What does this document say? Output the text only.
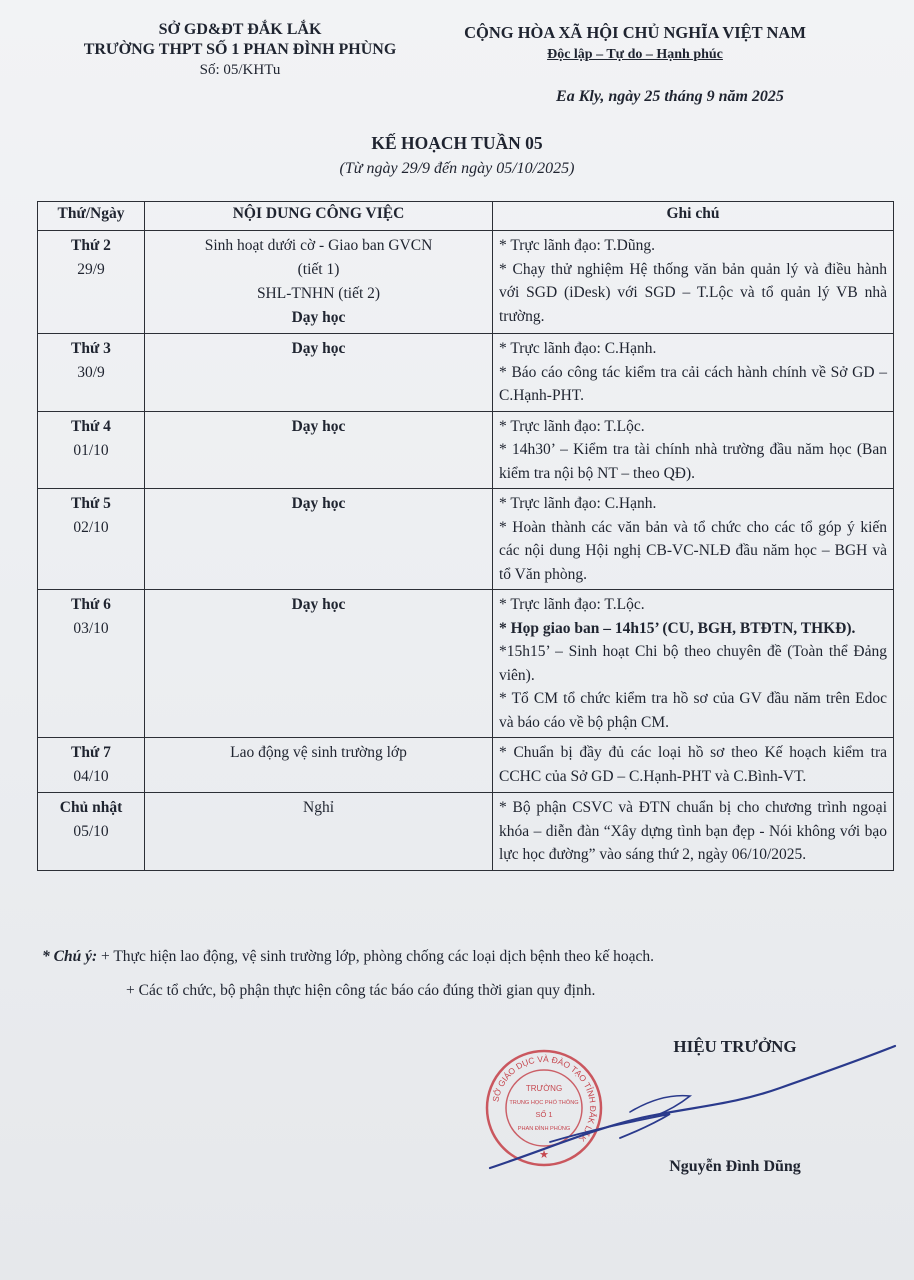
SỞ GD&ĐT ĐẮK LẮK
TRƯỜNG THPT SỐ 1 PHAN ĐÌNH PHÙNG
Số: 05/KHTu
CỘNG HÒA XÃ HỘI CHỦ NGHĨA VIỆT NAM
Độc lập – Tự do – Hạnh phúc
Ea Kly, ngày 25 tháng 9 năm 2025
KẾ HOẠCH TUẦN 05
(Từ ngày 29/9 đến ngày 05/10/2025)
Thứ/Ngày	NỘI DUNG CÔNG VIỆC	Ghi chú

Thứ 2
29/9	Sinh hoạt dưới cờ - Giao ban GVCN
(tiết 1)
SHL-TNHN (tiết 2)
Dạy học	* Trực lãnh đạo: T.Dũng.
* Chạy thử nghiệm Hệ thống văn bản quản lý và điều hành với SGD (iDesk) với SGD – T.Lộc và tổ quản lý VB nhà trường.

Thứ 3
30/9	Dạy học	* Trực lãnh đạo: C.Hạnh.
* Báo cáo công tác kiểm tra cải cách hành chính về Sở GD – C.Hạnh-PHT.

Thứ 4
01/10	Dạy học	* Trực lãnh đạo: T.Lộc.
* 14h30’ – Kiểm tra tài chính nhà trường đầu năm học (Ban kiểm tra nội bộ NT – theo QĐ).

Thứ 5
02/10	Dạy học	* Trực lãnh đạo: C.Hạnh.
* Hoàn thành các văn bản và tổ chức cho các tổ góp ý kiến các nội dung Hội nghị CB-VC-NLĐ đầu năm học – BGH và tổ Văn phòng.

Thứ 6
03/10	Dạy học	* Trực lãnh đạo: T.Lộc.
* Họp giao ban – 14h15’ (CU, BGH, BTĐTN, THKĐ).
*15h15’ – Sinh hoạt Chi bộ theo chuyên đề (Toàn thể Đảng viên).
* Tổ CM tổ chức kiểm tra hồ sơ của GV đầu năm trên Edoc và báo cáo về bộ phận CM.

Thứ 7
04/10	Lao động vệ sinh trường lớp	* Chuẩn bị đầy đủ các loại hồ sơ theo Kế hoạch kiểm tra CCHC của Sở GD – C.Hạnh-PHT và C.Bình-VT.

Chủ nhật
05/10	Nghỉ	* Bộ phận CSVC và ĐTN chuẩn bị cho chương trình ngoại khóa – diễn đàn “Xây dựng tình bạn đẹp - Nói không với bạo lực học đường” vào sáng thứ 2, ngày 06/10/2025.
* Chú ý: + Thực hiện lao động, vệ sinh trường lớp, phòng chống các loại dịch bệnh theo kế hoạch.
+ Các tổ chức, bộ phận thực hiện công tác báo cáo đúng thời gian quy định.
SỞ GIÁO DỤC VÀ ĐÀO TẠO TỈNH ĐẮK LẮK
TRƯỜNG
TRUNG HỌC PHỔ THÔNG
SỐ 1
PHAN ĐÌNH PHÙNG
★
HIỆU TRƯỞNG
Nguyễn Đình Dũng
